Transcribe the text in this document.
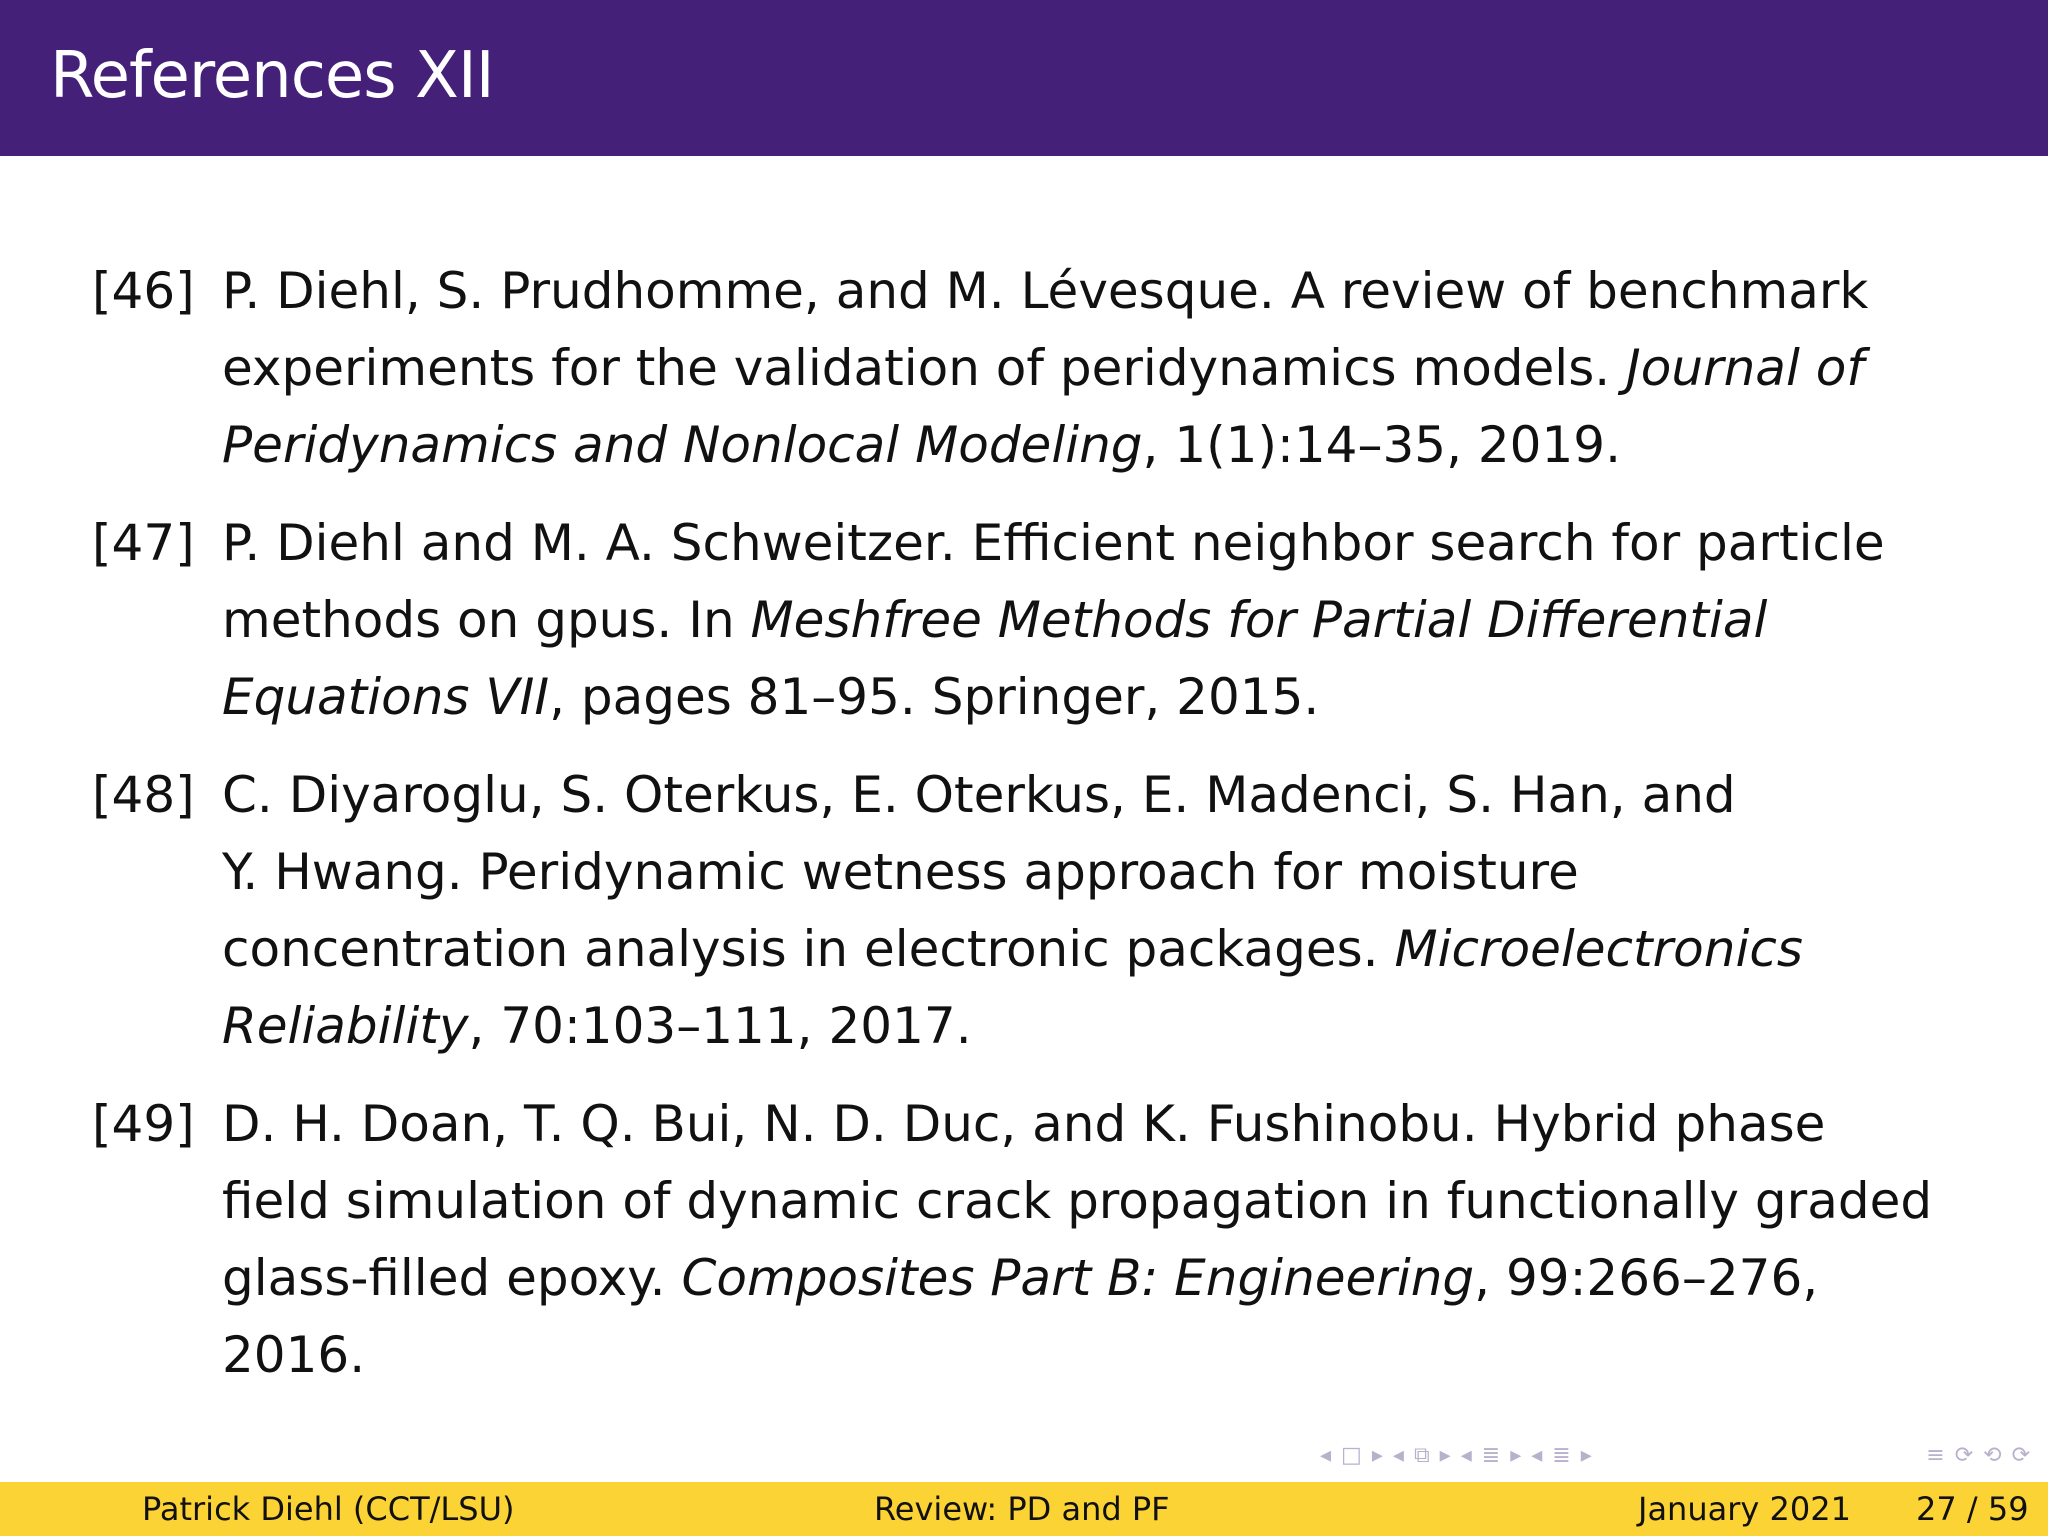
References XII
[46] P. Diehl, S. Prudhomme, and M. Lévesque. A review of benchmark
experiments for the validation of peridynamics models. Journal of
Peridynamics and Nonlocal Modeling, 1(1):14–35, 2019.
[47] P. Diehl and M. A. Schweitzer. Efficient neighbor search for particle
methods on gpus. In Meshfree Methods for Partial Differential
Equations VII, pages 81–95. Springer, 2015.
[48] C. Diyaroglu, S. Oterkus, E. Oterkus, E. Madenci, S. Han, and
Y. Hwang. Peridynamic wetness approach for moisture
concentration analysis in electronic packages. Microelectronics
Reliability, 70:103–111, 2017.
[49] D. H. Doan, T. Q. Bui, N. D. Duc, and K. Fushinobu. Hybrid phase
field simulation of dynamic crack propagation in functionally graded
glass-filled epoxy. Composites Part B: Engineering, 99:266–276,
2016.
◂ □ ▸ ◂ ⧉ ▸ ◂ ≣ ▸ ◂ ≣ ▸	≡ ⟳ ⟲ ⟳
Patrick Diehl (CCT/LSU)	Review: PD and PF	January 2021 27 / 59
